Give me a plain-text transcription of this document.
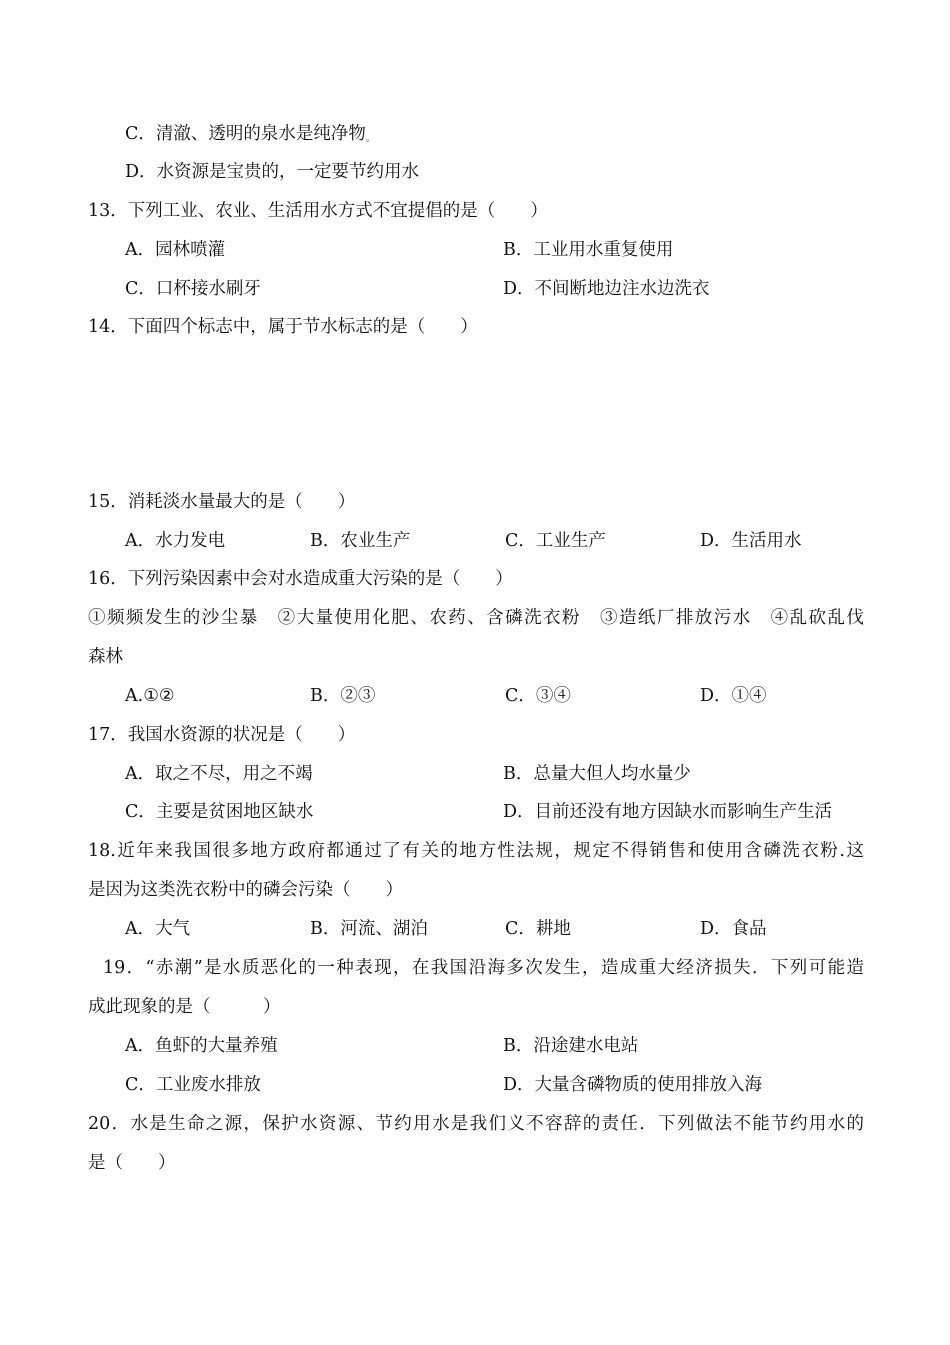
C．清澈、透明的泉水是纯净物。
D．水资源是宝贵的，一定要节约用水
13．下列工业、农业、生活用水方式不宜提倡的是（　　）
A．园林喷灌	B．工业用水重复使用
C．口杯接水刷牙	D．不间断地边注水边洗衣
14．下面四个标志中，属于节水标志的是（　　）
15．消耗淡水量最大的是（　　）
A．水力发电	B．农业生产	C．工业生产	D．生活用水
16．下列污染因素中会对水造成重大污染的是（　　）
①频频发生的沙尘暴　②大量使用化肥、农药、含磷洗衣粉　③造纸厂排放污水　④乱砍乱伐
森林
A.①②	B．②③	C．③④	D．①④
17．我国水资源的状况是（　　）
A．取之不尽，用之不竭	B．总量大但人均水量少
C．主要是贫困地区缺水	D．目前还没有地方因缺水而影响生产生活
18.近年来我国很多地方政府都通过了有关的地方性法规，规定不得销售和使用含磷洗衣粉.这
是因为这类洗衣粉中的磷会污染（　　）
A．大气	B．河流、湖泊	C．耕地	D．食品
19．“赤潮”是水质恶化的一种表现，在我国沿海多次发生，造成重大经济损失．下列可能造
成此现象的是（　　　）
A．鱼虾的大量养殖	B．沿途建水电站
C．工业废水排放	D．大量含磷物质的使用排放入海
20．水是生命之源，保护水资源、节约用水是我们义不容辞的责任．下列做法不能节约用水的
是（　　）
